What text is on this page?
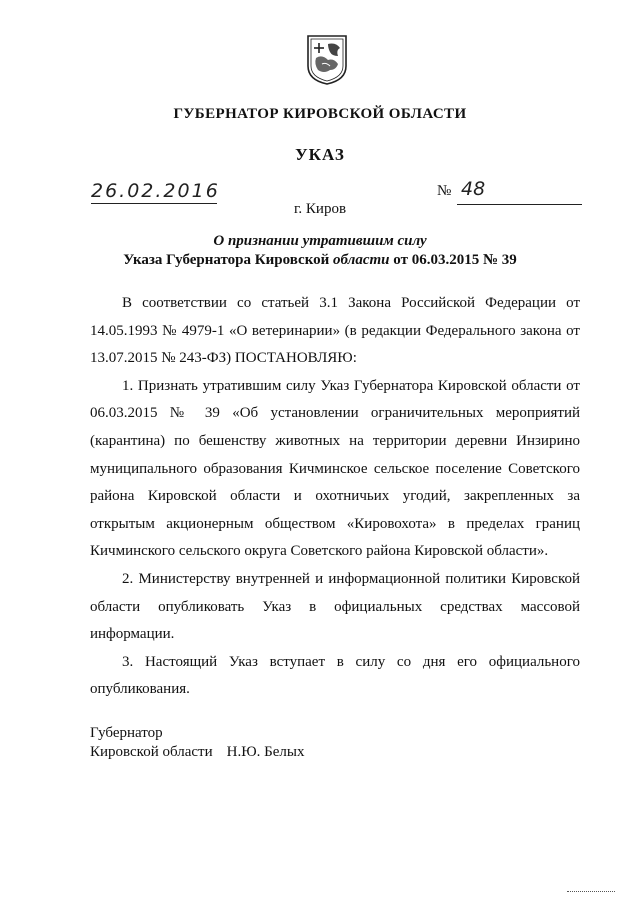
ГУБЕРНАТОР КИРОВСКОЙ ОБЛАСТИ
УКАЗ
26.02.2016	№ 48
г. Киров
О признании утратившим силу
Указа Губернатора Кировской области от 06.03.2015 № 39

В соответствии со статьей 3.1 Закона Российской Федерации от 14.05.1993 № 4979-1 «О ветеринарии» (в редакции Федерального закона от 13.07.2015 № 243-ФЗ) ПОСТАНОВЛЯЮ:

1. Признать утратившим силу Указ Губернатора Кировской области от 06.03.2015 № 39 «Об установлении ограничительных мероприятий (карантина) по бешенству животных на территории деревни Инзирино муниципального образования Кичминское сельское поселение Советского района Кировской области и охотничьих угодий, закрепленных за открытым акционерным обществом «Кировохота» в пределах границ Кичминского сельского округа Советского района Кировской области».

2. Министерству внутренней и информационной политики Кировской области опубликовать Указ в официальных средствах массовой информации.

3. Настоящий Указ вступает в силу со дня его официального опубликования.

Губернатор
Кировской области Н.Ю. Белых
